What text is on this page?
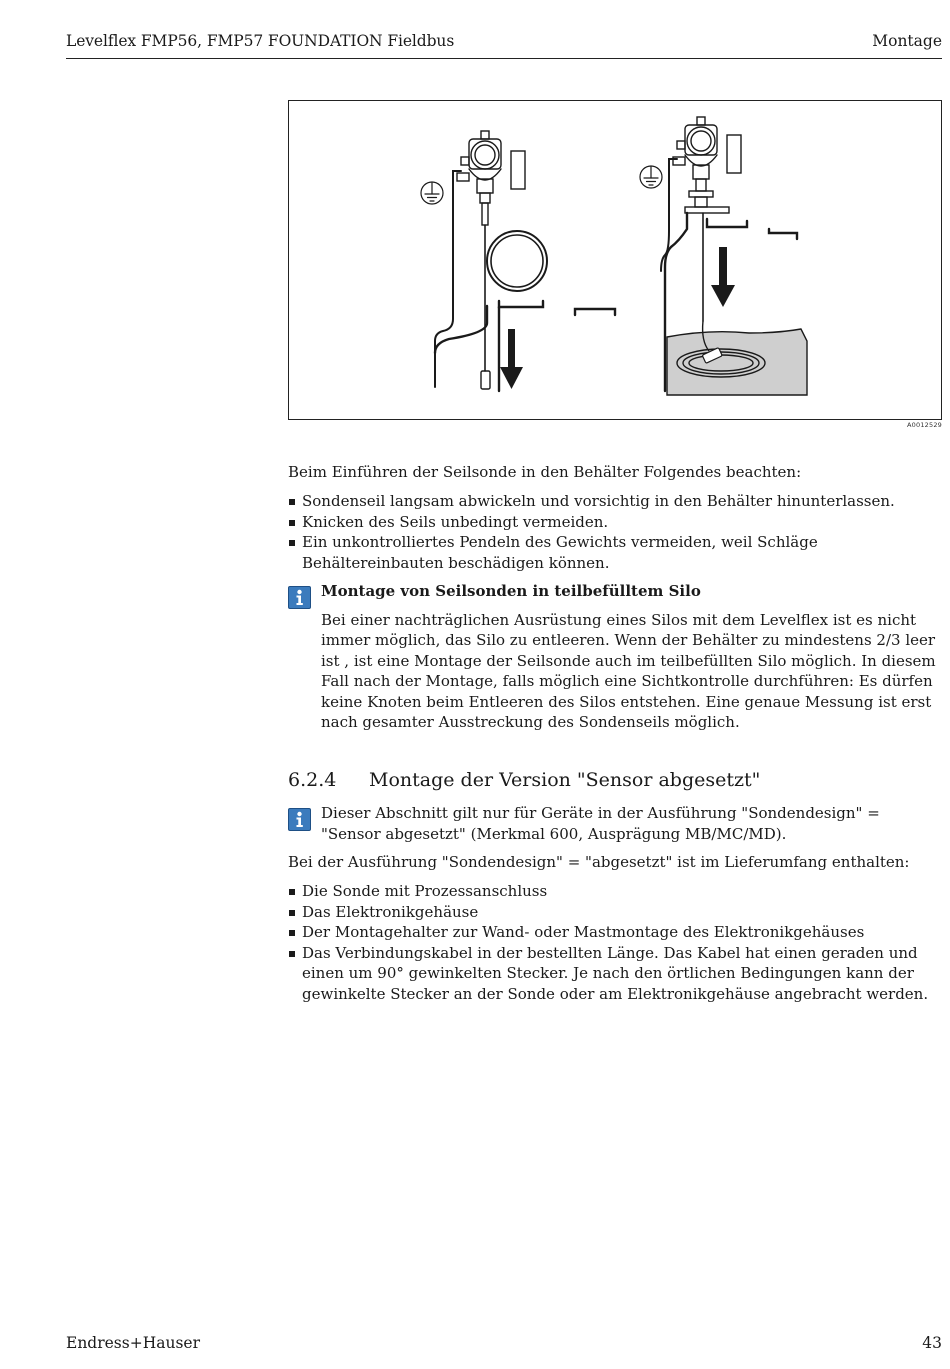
Levelflex FMP56, FMP57 FOUNDATION Fieldbus	Montage
A0012529

Beim Einführen der Seilsonde in den Behälter Folgendes beachten:

Sondenseil langsam abwickeln und vorsichtig in den Behälter hinunterlassen.
Knicken des Seils unbedingt vermeiden.
Ein unkontrolliertes Pendeln des Gewichts vermeiden, weil Schläge Behältereinbauten beschädigen können.

Montage von Seilsonden in teilbefülltem Silo

Bei einer nachträglichen Ausrüstung eines Silos mit dem Levelflex ist es nicht immer möglich, das Silo zu entleeren. Wenn der Behälter zu mindestens 2/3 leer ist , ist eine Montage der Seilsonde auch im teilbefüllten Silo möglich. In diesem Fall nach der Montage, falls möglich eine Sichtkontrolle durchführen: Es dürfen keine Knoten beim Entleeren des Silos entstehen. Eine genaue Messung ist erst nach gesamter Ausstreckung des Sondenseils möglich.

6.2.4 Montage der Version "Sensor abgesetzt"

Dieser Abschnitt gilt nur für Geräte in der Ausführung "Sondendesign" = "Sensor abgesetzt" (Merkmal 600, Ausprägung MB/MC/MD).

Bei der Ausführung "Sondendesign" = "abgesetzt" ist im Lieferumfang enthalten:

Die Sonde mit Prozessanschluss
Das Elektronikgehäuse
Der Montagehalter zur Wand- oder Mastmontage des Elektronikgehäuses
Das Verbindungskabel in der bestellten Länge. Das Kabel hat einen geraden und einen um 90° gewinkelten Stecker. Je nach den örtlichen Bedingungen kann der gewinkelte Stecker an der Sonde oder am Elektronikgehäuse angebracht werden.
Endress+Hauser	43
